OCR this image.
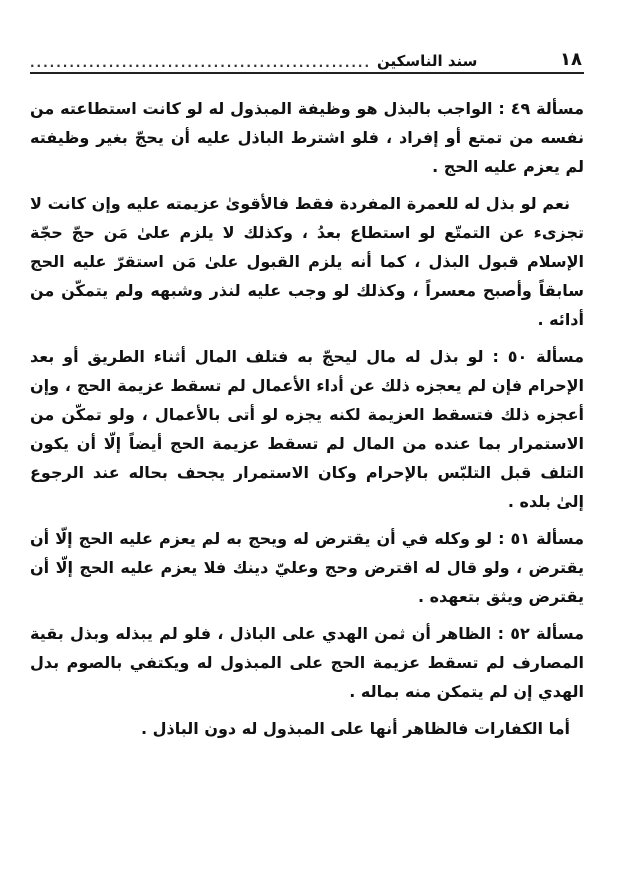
١٨
سند الناسكين
....................................................

مسألة ٤٩ : الواجب بالبذل هو وظيفة المبذول له لو كانت استطاعته من نفسه من تمتع أو إفراد ، فلو اشترط الباذل عليه أن يحجّ بغير وظيفته لم يعزم عليه الحج .

نعم لو بذل له للعمرة المفردة فقط فالأقوىٰ عزيمته عليه وإن كانت لا تجزىء عن التمتّع لو استطاع بعدُ ، وكذلك لا يلزم علىٰ مَن حجّ حجّة الإسلام قبول البذل ، كما أنه يلزم القبول علىٰ مَن استقرّ عليه الحج سابقاً وأصبح معسراً ، وكذلك لو وجب عليه لنذر وشبهه ولم يتمكّن من أدائه .

مسألة ٥٠ : لو بذل له مال ليحجّ به فتلف المال أثناء الطريق أو بعد الإحرام فإن لم يعجزه ذلك عن أداء الأعمال لم تسقط عزيمة الحج ، وإن أعجزه ذلك فتسقط العزيمة لكنه يجزه لو أتى بالأعمال ، ولو تمكّن من الاستمرار بما عنده من المال لم تسقط عزيمة الحج أيضاً إلّا أن يكون التلف قبل التلبّس بالإحرام وكان الاستمرار يجحف بحاله عند الرجوع إلىٰ بلده .

مسألة ٥١ : لو وكله في أن يقترض له ويحج به لم يعزم عليه الحج إلّا أن يقترض ، ولو قال له اقترض وحج وعليّ دينك فلا يعزم عليه الحج إلّا أن يقترض ويثق بتعهده .

مسألة ٥٢ : الظاهر أن ثمن الهدي على الباذل ، فلو لم يبذله وبذل بقية المصارف لم تسقط عزيمة الحج على المبذول له ويكتفي بالصوم بدل الهدي إن لم يتمكن منه بماله .

أما الكفارات فالظاهر أنها على المبذول له دون الباذل .
